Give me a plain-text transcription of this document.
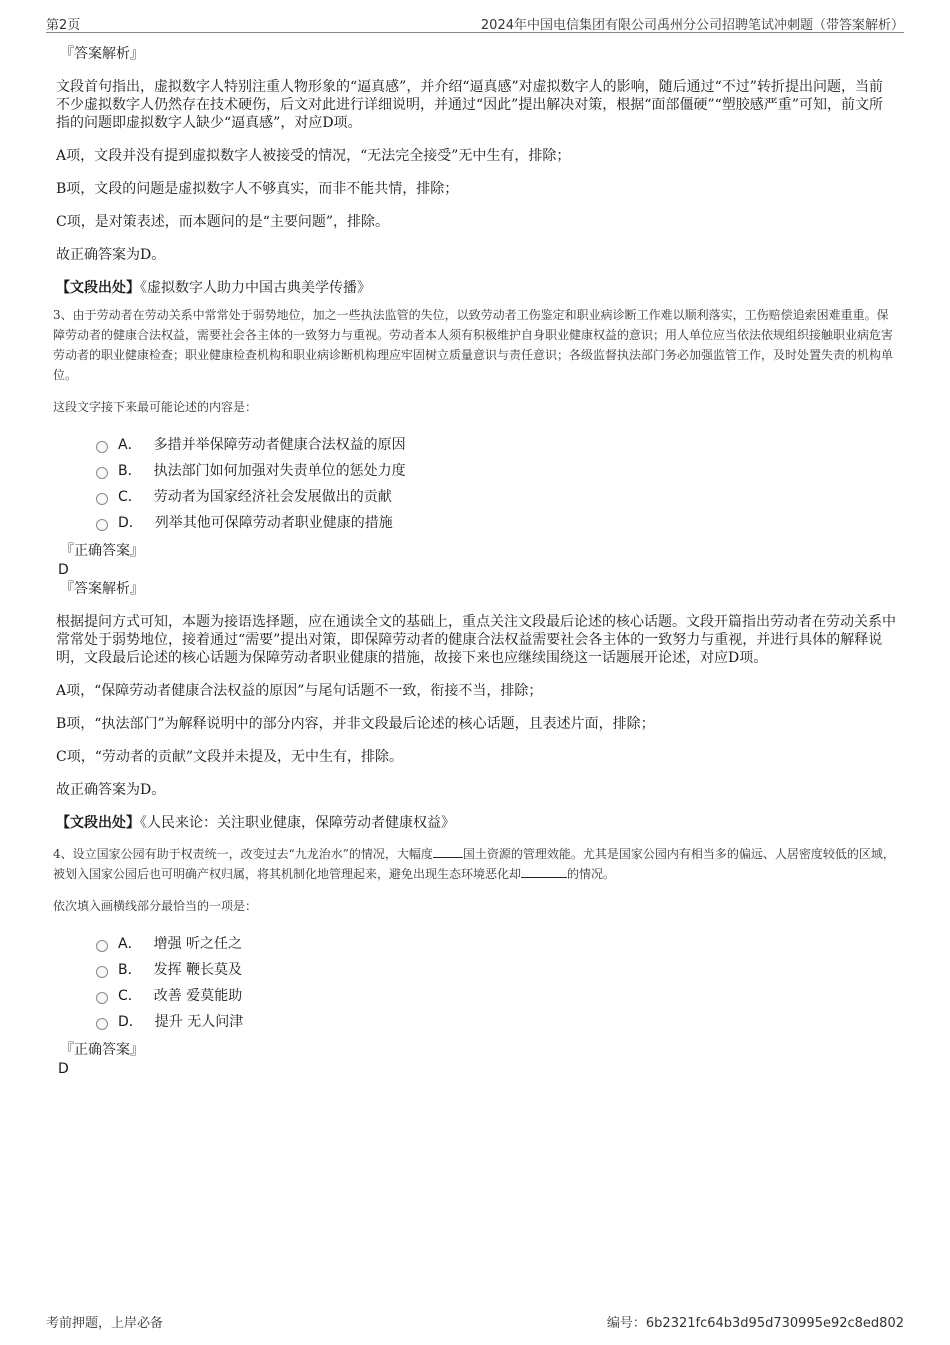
第2页	2024年中国电信集团有限公司禹州分公司招聘笔试冲刺题（带答案解析）
『答案解析』

文段首句指出，虚拟数字人特别注重人物形象的“逼真感”，并介绍“逼真感”对虚拟数字人的影响，随后通过“不过”转折提出问题，当前不少虚拟数字人仍然存在技术硬伤，后文对此进行详细说明，并通过“因此”提出解决对策，根据“面部僵硬”“塑胶感严重”可知，前文所指的问题即虚拟数字人缺少“逼真感”，对应D项。

A项，文段并没有提到虚拟数字人被接受的情况，“无法完全接受”无中生有，排除；

B项，文段的问题是虚拟数字人不够真实，而非不能共情，排除；

C项，是对策表述，而本题问的是“主要问题”，排除。

故正确答案为D。

【文段出处】《虚拟数字人助力中国古典美学传播》
3、由于劳动者在劳动关系中常常处于弱势地位，加之一些执法监管的失位，以致劳动者工伤鉴定和职业病诊断工作难以顺利落实，工伤赔偿追索困难重重。保障劳动者的健康合法权益，需要社会各主体的一致努力与重视。劳动者本人须有积极维护自身职业健康权益的意识；用人单位应当依法依规组织接触职业病危害劳动者的职业健康检查；职业健康检查机构和职业病诊断机构理应牢固树立质量意识与责任意识；各级监督执法部门务必加强监管工作，及时处置失责的机构单位。
这段文字接下来最可能论述的内容是：
A． 多措并举保障劳动者健康合法权益的原因
B． 执法部门如何加强对失责单位的惩处力度
C． 劳动者为国家经济社会发展做出的贡献
D． 列举其他可保障劳动者职业健康的措施
『正确答案』
D
『答案解析』

根据提问方式可知，本题为接语选择题，应在通读全文的基础上，重点关注文段最后论述的核心话题。文段开篇指出劳动者在劳动关系中常常处于弱势地位，接着通过“需要”提出对策，即保障劳动者的健康合法权益需要社会各主体的一致努力与重视，并进行具体的解释说明，文段最后论述的核心话题为保障劳动者职业健康的措施，故接下来也应继续围绕这一话题展开论述，对应D项。

A项，“保障劳动者健康合法权益的原因”与尾句话题不一致，衔接不当，排除；

B项，“执法部门”为解释说明中的部分内容，并非文段最后论述的核心话题，且表述片面，排除；

C项，“劳动者的贡献”文段并未提及，无中生有，排除。

故正确答案为D。

【文段出处】《人民来论：关注职业健康，保障劳动者健康权益》
4、设立国家公园有助于权责统一，改变过去“九龙治水”的情况，大幅度	国土资源的管理效能。尤其是国家公园内有相当多的偏远、人居密度较低的区域，被划入国家公园后也可明确产权归属，将其机制化地管理起来，避免出现生态环境恶化却	的情况。
依次填入画横线部分最恰当的一项是：
A． 增强 听之任之
B． 发挥 鞭长莫及
C． 改善 爱莫能助
D． 提升 无人问津
『正确答案』
D
考前押题，上岸必备	编号：6b2321fc64b3d95d730995e92c8ed802
